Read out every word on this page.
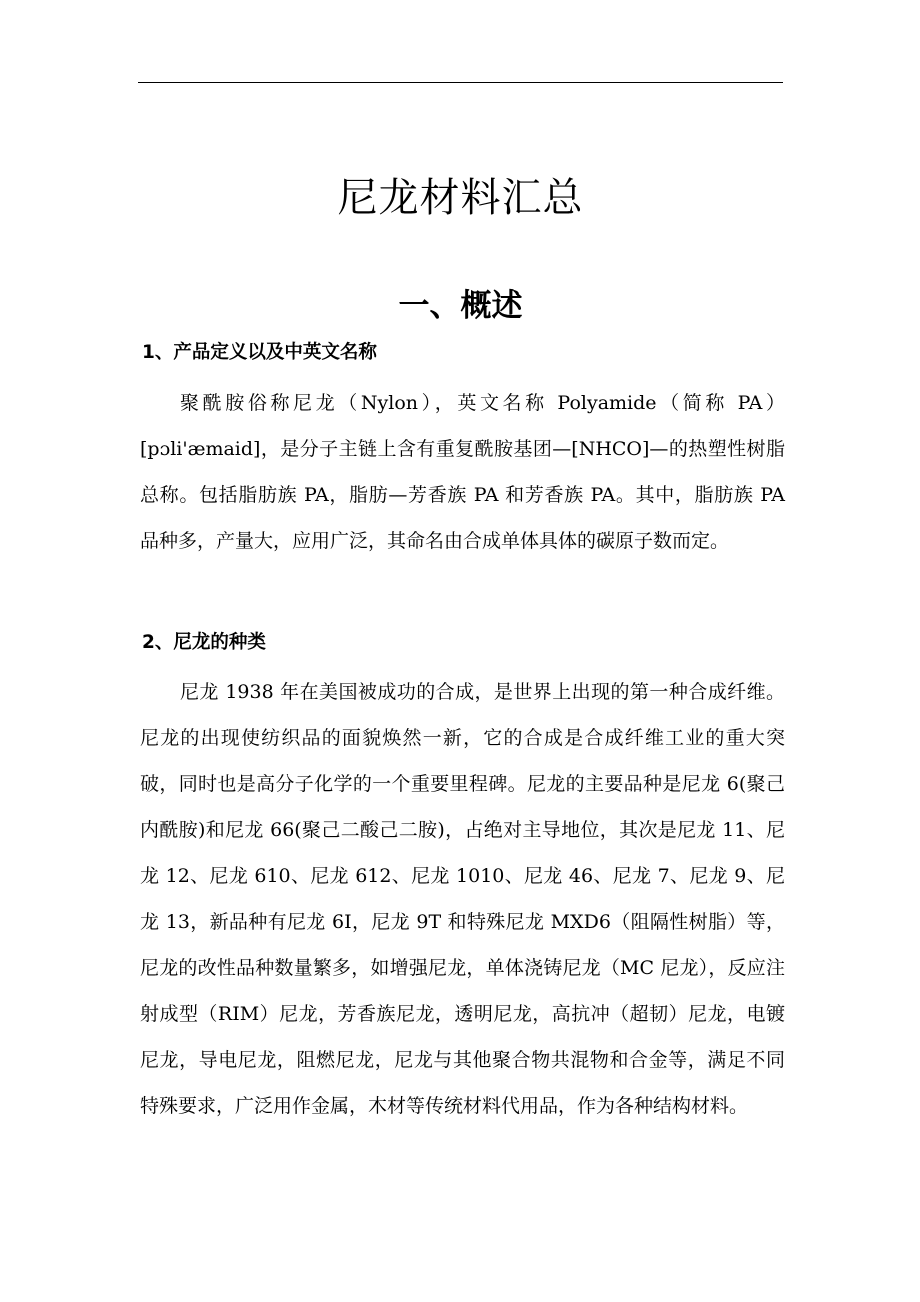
尼龙材料汇总
一、概述
1、产品定义以及中英文名称

聚酰胺俗称尼龙（Nylon），英文名称 Polyamide（简称 PA）[pɔli'æmaid]，是分子主链上含有重复酰胺基团—[NHCO]—的热塑性树脂总称。包括脂肪族 PA，脂肪—芳香族 PA 和芳香族 PA。其中，脂肪族 PA 品种多，产量大，应用广泛，其命名由合成单体具体的碳原子数而定。

2、尼龙的种类

尼龙 1938 年在美国被成功的合成，是世界上出现的第一种合成纤维。尼龙的出现使纺织品的面貌焕然一新，它的合成是合成纤维工业的重大突破，同时也是高分子化学的一个重要里程碑。尼龙的主要品种是尼龙 6(聚己内酰胺)和尼龙 66(聚己二酸己二胺)，占绝对主导地位，其次是尼龙 11、尼龙 12、尼龙 610、尼龙 612、尼龙 1010、尼龙 46、尼龙 7、尼龙 9、尼龙 13，新品种有尼龙 6I，尼龙 9T 和特殊尼龙 MXD6（阻隔性树脂）等，尼龙的改性品种数量繁多，如增强尼龙，单体浇铸尼龙（MC 尼龙），反应注射成型（RIM）尼龙，芳香族尼龙，透明尼龙，高抗冲（超韧）尼龙，电镀尼龙，导电尼龙，阻燃尼龙，尼龙与其他聚合物共混物和合金等，满足不同特殊要求，广泛用作金属，木材等传统材料代用品，作为各种结构材料。
